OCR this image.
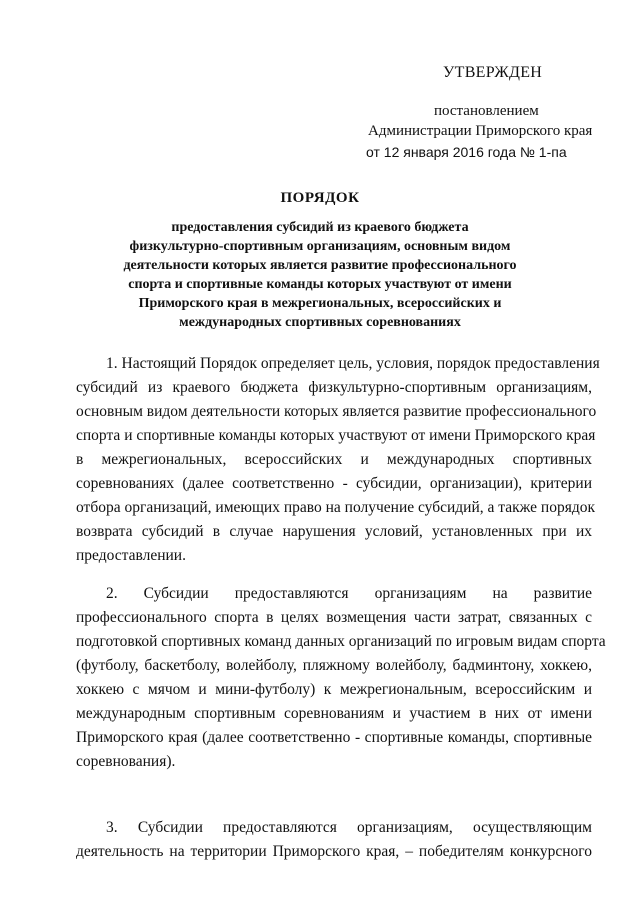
УТВЕРЖДЕН
постановлением
Администрации Приморского края
от 12 января 2016 года № 1-па
ПОРЯДОК
предоставления субсидий из краевого бюджета
физкультурно-спортивным организациям, основным видом
деятельности которых является развитие профессионального
спорта и спортивные команды которых участвуют от имени
Приморского края в межрегиональных, всероссийских и
международных спортивных соревнованиях
1. Настоящий Порядок определяет цель, условия, порядок предоставления
субсидий из краевого бюджета физкультурно-спортивным организациям,
основным видом деятельности которых является развитие профессионального
спорта и спортивные команды которых участвуют от имени Приморского края
в межрегиональных, всероссийских и международных спортивных
соревнованиях (далее соответственно - субсидии, организации), критерии
отбора организаций, имеющих право на получение субсидий, а также порядок
возврата субсидий в случае нарушения условий, установленных при их
предоставлении.
2. Субсидии предоставляются организациям на развитие
профессионального спорта в целях возмещения части затрат, связанных с
подготовкой спортивных команд данных организаций по игровым видам спорта
(футболу, баскетболу, волейболу, пляжному волейболу, бадминтону, хоккею,
хоккею с мячом и мини-футболу) к межрегиональным, всероссийским и
международным спортивным соревнованиям и участием в них от имени
Приморского края (далее соответственно - спортивные команды, спортивные
соревнования).
3. Субсидии предоставляются организациям, осуществляющим
деятельность на территории Приморского края, – победителям конкурсного
